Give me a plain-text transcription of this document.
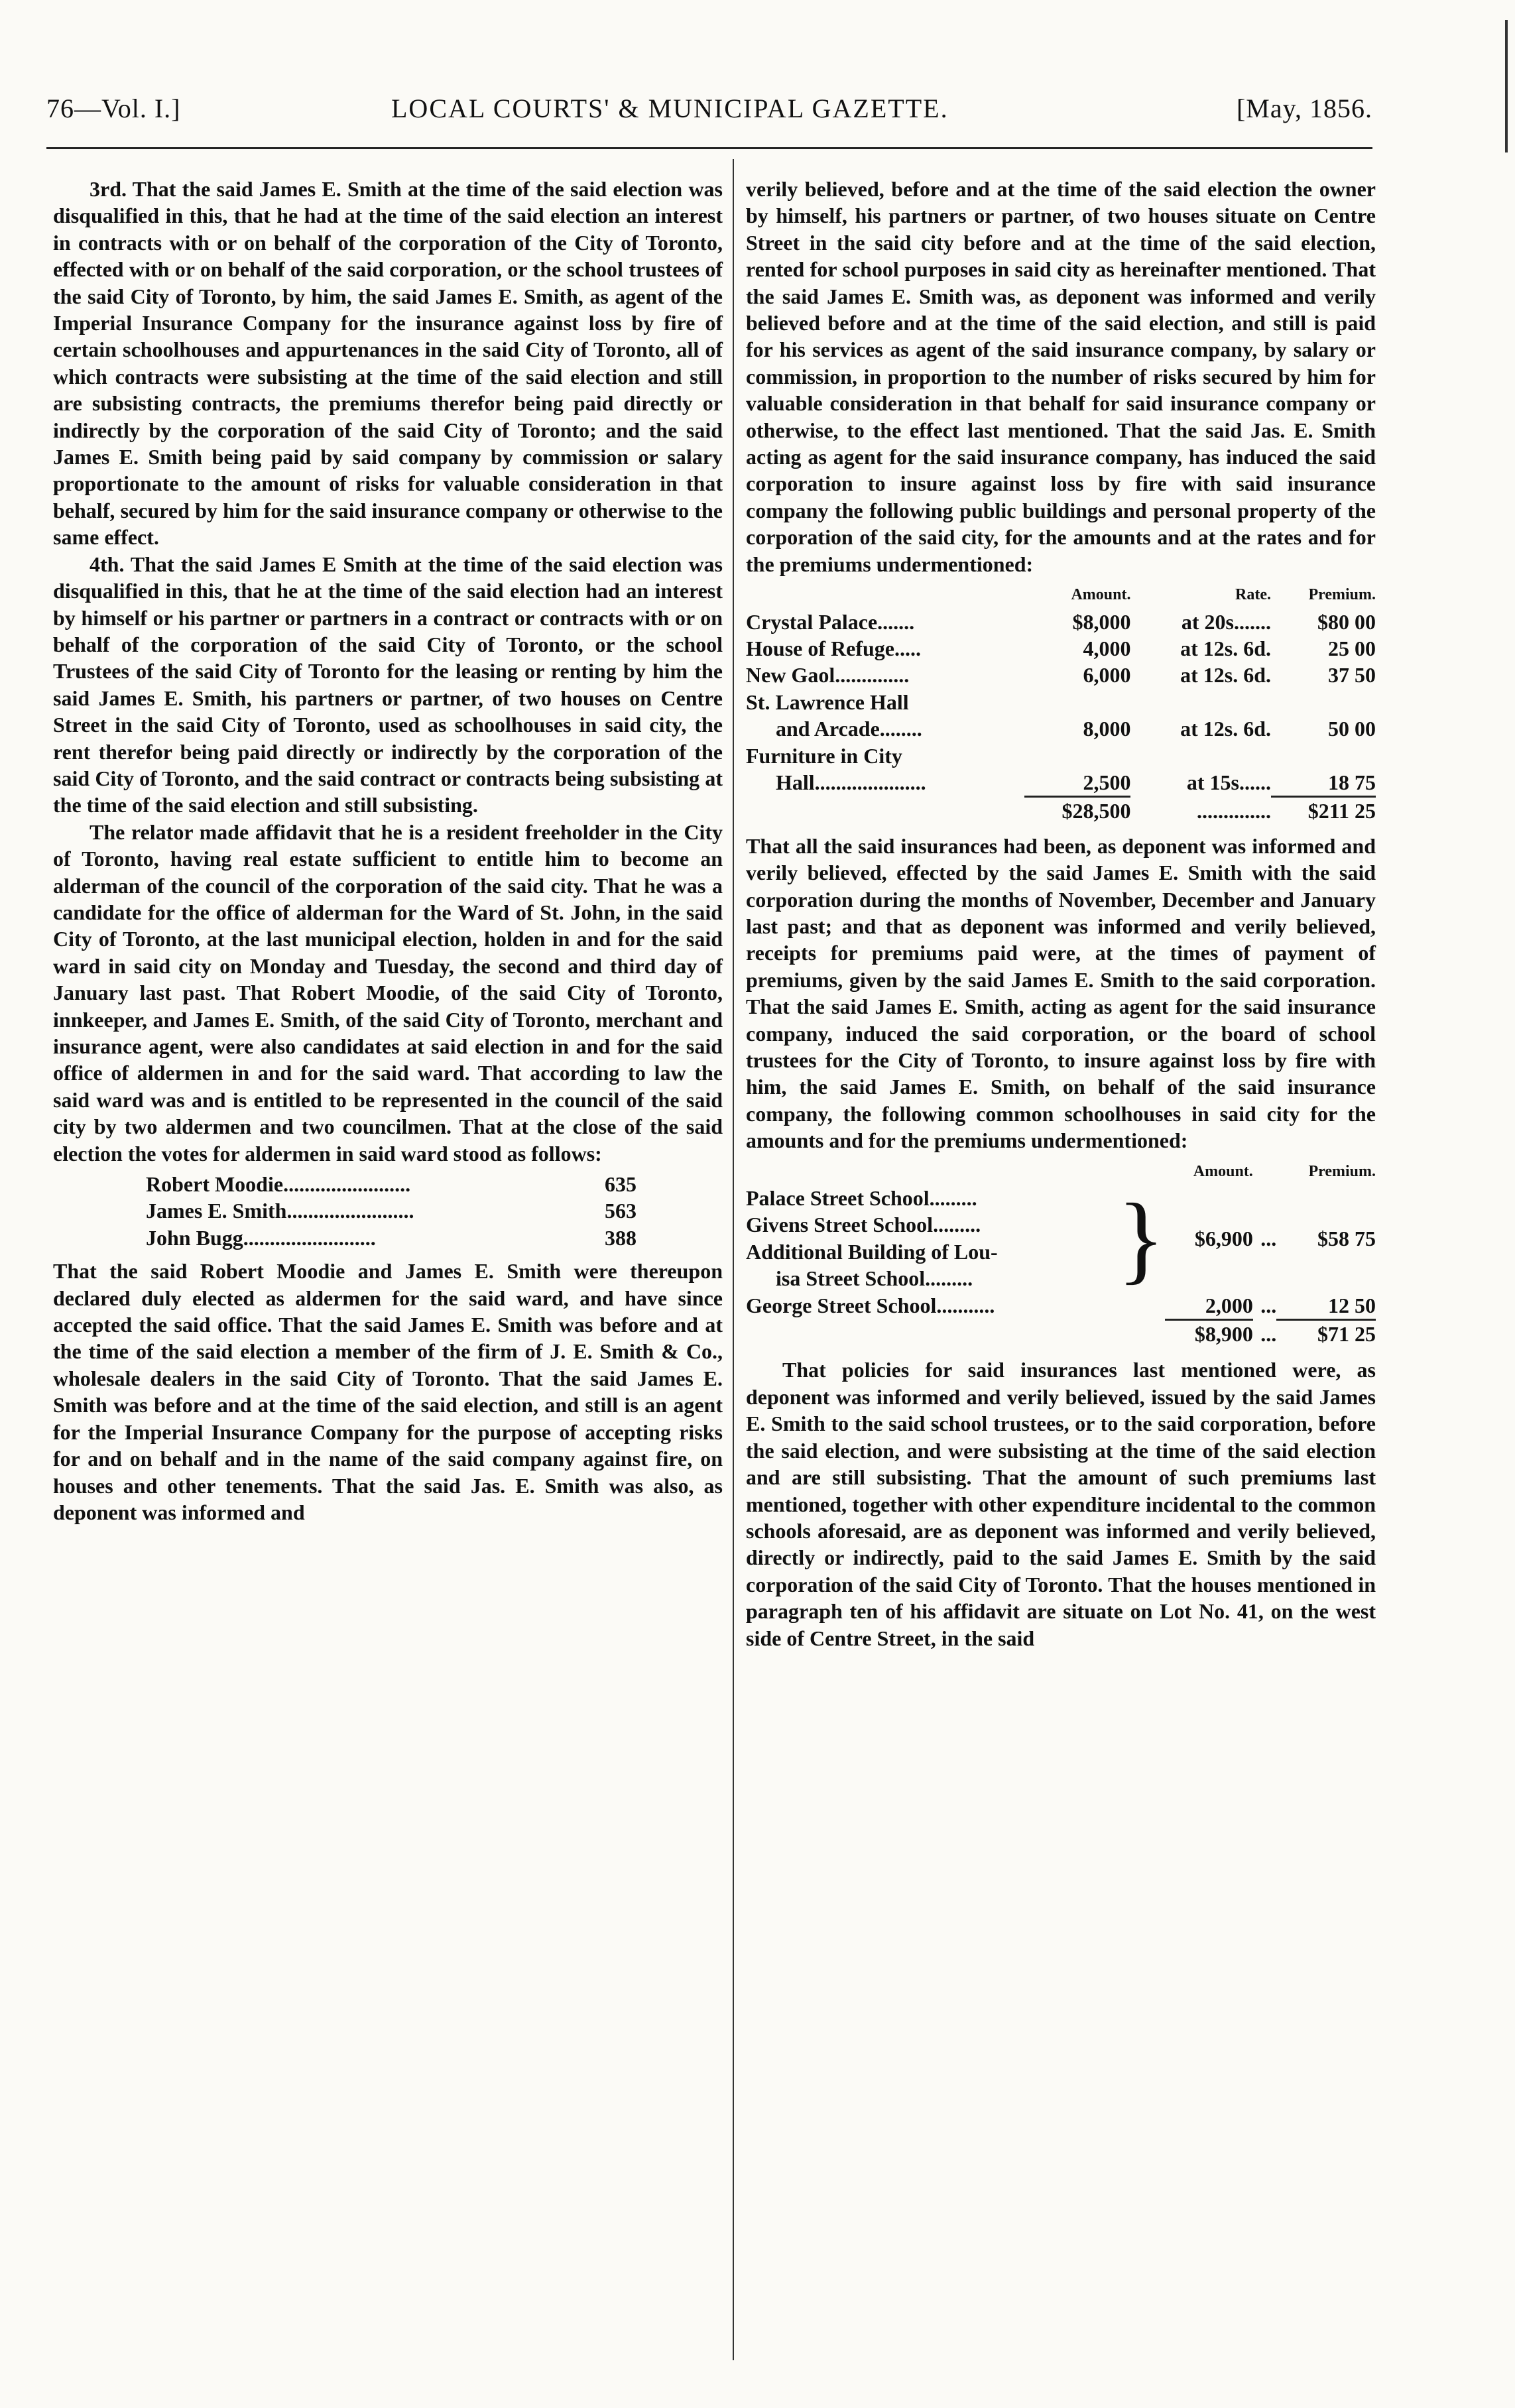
76—Vol. I.]	LOCAL COURTS' & MUNICIPAL GAZETTE.	[May, 1856.

3rd. That the said James E. Smith at the time of the said election was disqualified in this, that he had at the time of the said election an interest in contracts with or on behalf of the corporation of the City of Toronto, effected with or on behalf of the said corporation, or the school trustees of the said City of Toronto, by him, the said James E. Smith, as agent of the Imperial Insurance Company for the insurance against loss by fire of certain schoolhouses and appurtenances in the said City of Toronto, all of which contracts were subsisting at the time of the said election and still are subsisting contracts, the premiums therefor being paid directly or indirectly by the corporation of the said City of Toronto; and the said James E. Smith being paid by said company by commission or salary proportionate to the amount of risks for valuable consideration in that behalf, secured by him for the said insurance company or otherwise to the same effect.

4th. That the said James E Smith at the time of the said election was disqualified in this, that he at the time of the said election had an interest by himself or his partner or partners in a contract or contracts with or on behalf of the corporation of the said City of Toronto, or the school Trustees of the said City of Toronto for the leasing or renting by him the said James E. Smith, his partners or partner, of two houses on Centre Street in the said City of Toronto, used as schoolhouses in said city, the rent therefor being paid directly or indirectly by the corporation of the said City of Toronto, and the said contract or contracts being subsisting at the time of the said election and still subsisting.

The relator made affidavit that he is a resident freeholder in the City of Toronto, having real estate sufficient to entitle him to become an alderman of the council of the corporation of the said city. That he was a candidate for the office of alderman for the Ward of St. John, in the said City of Toronto, at the last municipal election, holden in and for the said ward in said city on Monday and Tuesday, the second and third day of January last past. That Robert Moodie, of the said City of Toronto, innkeeper, and James E. Smith, of the said City of Toronto, merchant and insurance agent, were also candidates at said election in and for the said office of aldermen in and for the said ward. That according to law the said ward was and is entitled to be represented in the council of the said city by two aldermen and two councilmen. That at the close of the said election the votes for aldermen in said ward stood as follows:

Robert Moodie........................	635
James E. Smith........................	563
John Bugg.........................	388

That the said Robert Moodie and James E. Smith were thereupon declared duly elected as aldermen for the said ward, and have since accepted the said office. That the said James E. Smith was before and at the time of the said election a member of the firm of J. E. Smith & Co., wholesale dealers in the said City of Toronto. That the said James E. Smith was before and at the time of the said election, and still is an agent for the Imperial Insurance Company for the purpose of accepting risks for and on behalf and in the name of the said company against fire, on houses and other tenements. That the said Jas. E. Smith was also, as deponent was informed and

verily believed, before and at the time of the said election the owner by himself, his partners or partner, of two houses situate on Centre Street in the said city before and at the time of the said election, rented for school purposes in said city as hereinafter mentioned. That the said James E. Smith was, as deponent was informed and verily believed before and at the time of the said election, and still is paid for his services as agent of the said insurance company, by salary or commission, in proportion to the number of risks secured by him for valuable consideration in that behalf for said insurance company or otherwise, to the effect last mentioned. That the said Jas. E. Smith acting as agent for the said insurance company, has induced the said corporation to insure against loss by fire with said insurance company the following public buildings and personal property of the corporation of the said city, for the amounts and at the rates and for the premiums undermentioned:

	Amount.	Rate.	Premium.
Crystal Palace.......	$8,000	at 20s.......	$80 00
House of Refuge.....	4,000	at 12s. 6d.	25 00
New Gaol..............	6,000	at 12s. 6d.	37 50
St. Lawrence Hall			
and Arcade........	8,000	at 12s. 6d.	50 00
Furniture in City			
Hall.....................	2,500	at 15s......	18 75

	$28,500	..............	$211 25

That all the said insurances had been, as deponent was informed and verily believed, effected by the said James E. Smith with the said corporation during the months of November, December and January last past; and that as deponent was informed and verily believed, receipts for premiums paid were, at the times of payment of premiums, given by the said James E. Smith to the said corporation. That the said James E. Smith, acting as agent for the said insurance company, induced the said corporation, or the board of school trustees for the City of Toronto, to insure against loss by fire with him, the said James E. Smith, on behalf of the said insurance company, the following common schoolhouses in said city for the amounts and for the premiums undermentioned:

		Amount.		Premium.

Palace Street School.........
Givens Street School.........
Additional Building of Lou-
isa Street School.........	}	$6,900	...	$58 75
George Street School...........		2,000	...	12 50

		$8,900	...	$71 25

That policies for said insurances last mentioned were, as deponent was informed and verily believed, issued by the said James E. Smith to the said school trustees, or to the said corporation, before the said election, and were subsisting at the time of the said election and are still subsisting. That the amount of such premiums last mentioned, together with other expenditure incidental to the common schools aforesaid, are as deponent was informed and verily believed, directly or indirectly, paid to the said James E. Smith by the said corporation of the said City of Toronto. That the houses mentioned in paragraph ten of his affidavit are situate on Lot No. 41, on the west side of Centre Street, in the said
